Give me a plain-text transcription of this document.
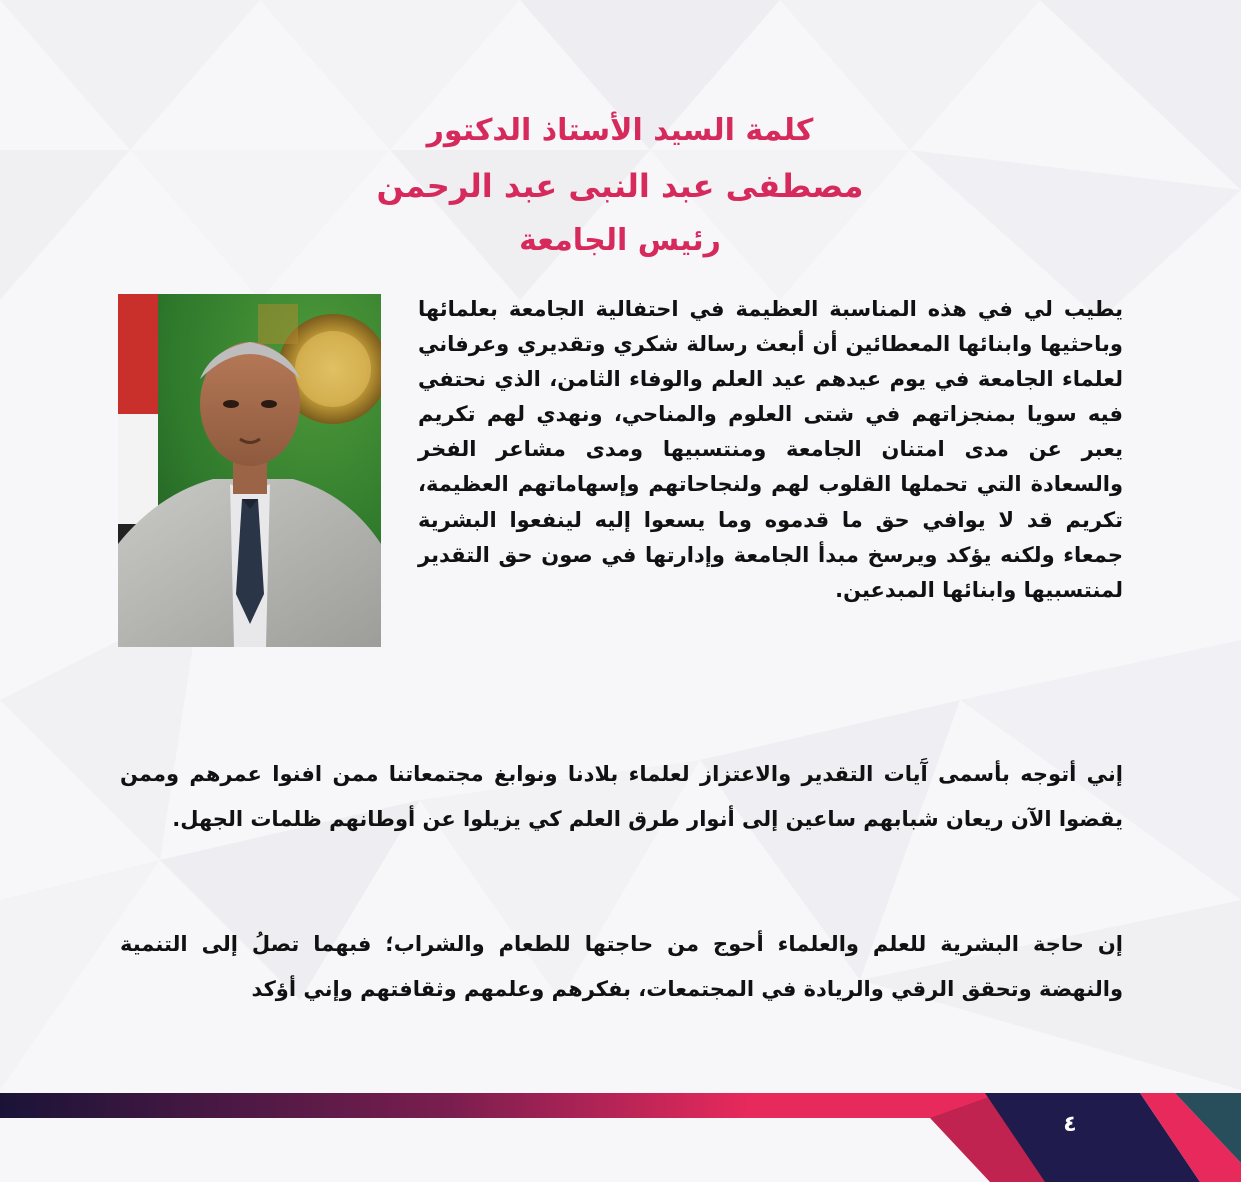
كلمة السيد الأستاذ الدكتور
مصطفى عبد النبى عبد الرحمن
رئيس الجامعة

يطيب لي في هذه المناسبة العظيمة في احتفالية الجامعة بعلمائها وباحثيها وابنائها المعطائين أن أبعث رسالة شكري وتقديري وعرفاني لعلماء الجامعة في يوم عيدهم عيد العلم والوفاء الثامن، الذي نحتفي فيه سويا بمنجزاتهم في شتى العلوم والمناحي، ونهدي لهم تكريم يعبر عن مدى امتنان الجامعة ومنتسبيها ومدى مشاعر الفخر والسعادة التي تحملها القلوب لهم ولنجاحاتهم وإسهاماتهم العظيمة، تكريم قد لا يوافي حق ما قدموه وما يسعوا إليه لينفعوا البشرية جمعاء ولكنه يؤكد ويرسخ مبدأ الجامعة وإدارتها في صون حق التقدير لمنتسبيها وابنائها المبدعين.

إني أتوجه بأسمى آَيات التقدير والاعتزاز لعلماء بلادنا ونوابغ مجتمعاتنا ممن افنوا عمرهم وممن يقضوا الآن ريعان شبابهم ساعين إلى أنوار طرق العلم كي يزيلوا عن أوطانهم ظلمات الجهل.

إن حاجة البشرية للعلم والعلماء أحوج من حاجتها للطعام والشراب؛ فبهما تصلُ إلى التنمية والنهضة وتحقق الرقي والريادة في المجتمعات، بفكرهم وعلمهم وثقافتهم وإني أؤكد

٤
